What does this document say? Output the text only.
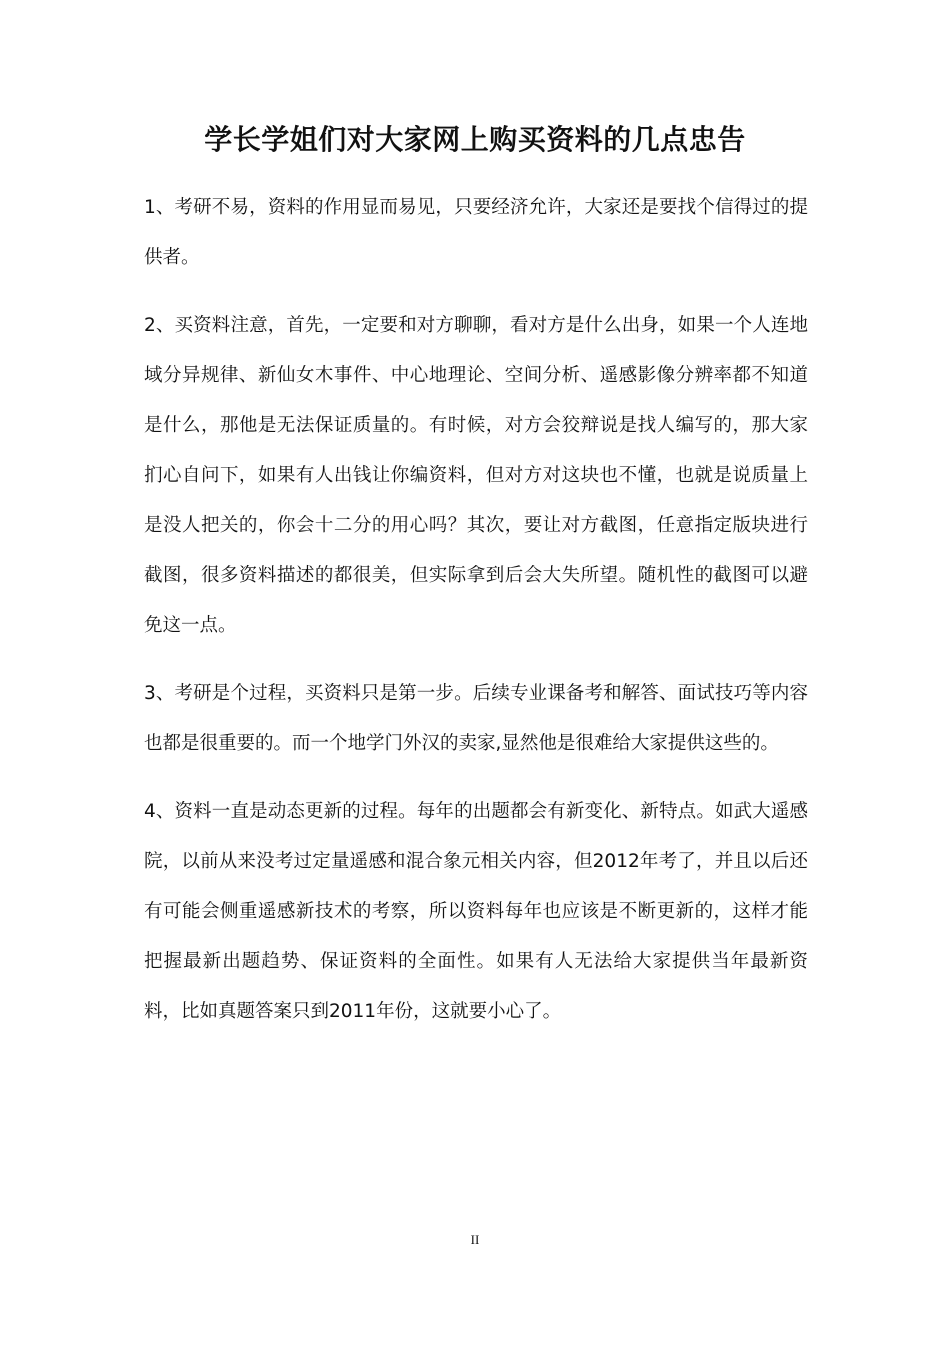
学长学姐们对大家网上购买资料的几点忠告

1、考研不易，资料的作用显而易见，只要经济允许，大家还是要找个信得过的提供者。

2、买资料注意，首先，一定要和对方聊聊，看对方是什么出身，如果一个人连地域分异规律、新仙女木事件、中心地理论、空间分析、遥感影像分辨率都不知道是什么，那他是无法保证质量的。有时候，对方会狡辩说是找人编写的，那大家扪心自问下，如果有人出钱让你编资料，但对方对这块也不懂，也就是说质量上是没人把关的，你会十二分的用心吗？其次，要让对方截图，任意指定版块进行截图，很多资料描述的都很美，但实际拿到后会大失所望。随机性的截图可以避免这一点。

3、考研是个过程，买资料只是第一步。后续专业课备考和解答、面试技巧等内容也都是很重要的。而一个地学门外汉的卖家,显然他是很难给大家提供这些的。

4、资料一直是动态更新的过程。每年的出题都会有新变化、新特点。如武大遥感院，以前从来没考过定量遥感和混合象元相关内容，但2012年考了，并且以后还有可能会侧重遥感新技术的考察，所以资料每年也应该是不断更新的，这样才能把握最新出题趋势、保证资料的全面性。如果有人无法给大家提供当年最新资料，比如真题答案只到2011年份，这就要小心了。

II
